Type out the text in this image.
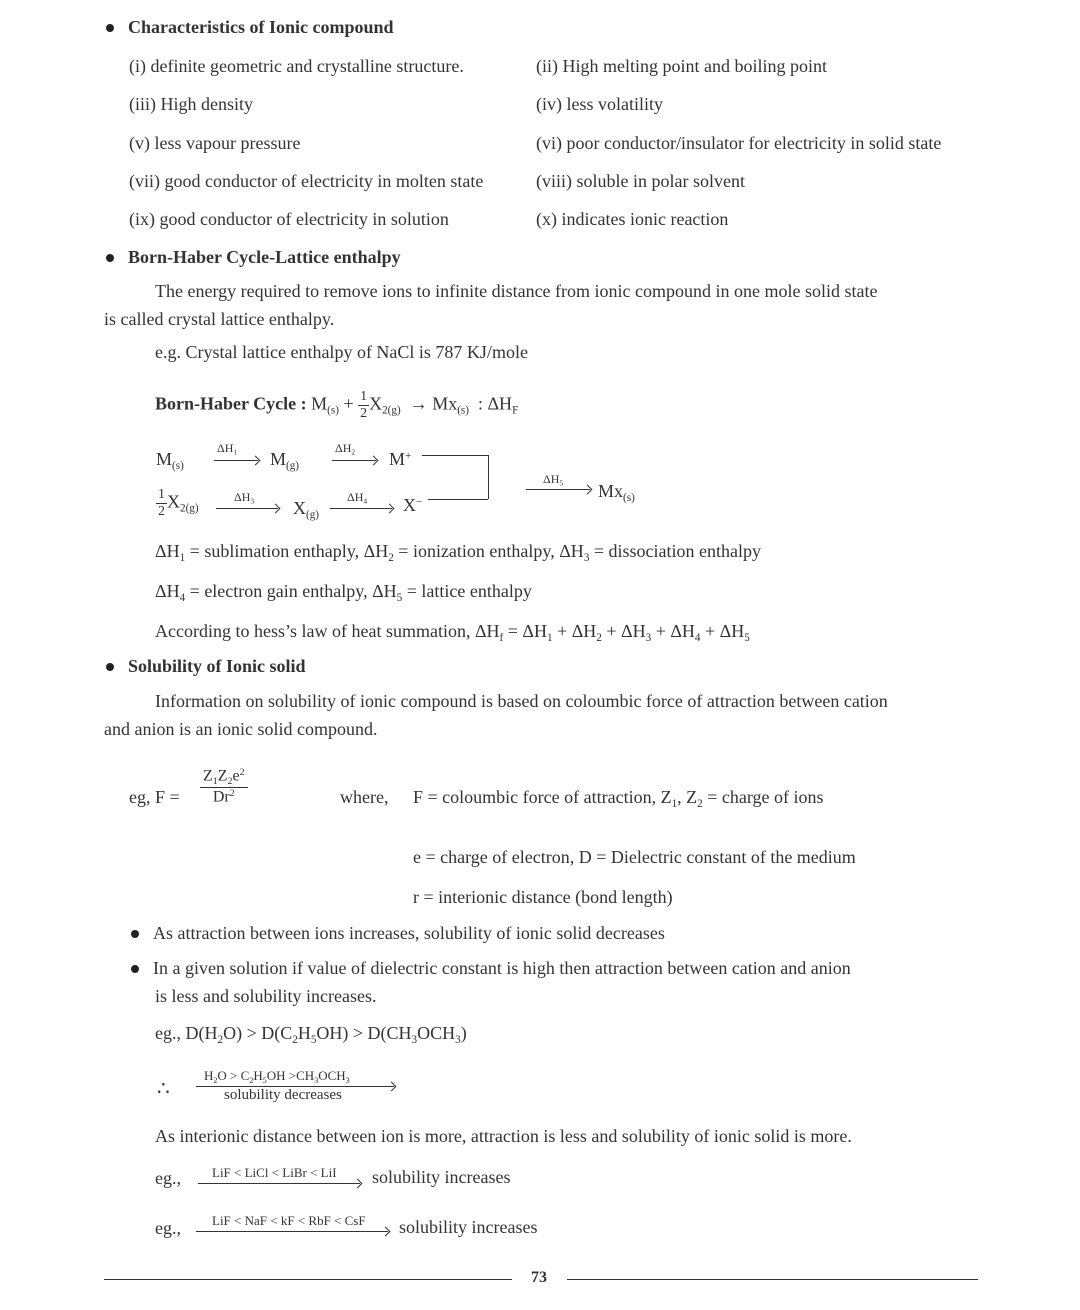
Characteristics of Ionic compound
(i) definite geometric and crystalline structure.	(ii) High melting point and boiling point
(iii) High density	(iv) less volatility
(v) less vapour pressure	(vi) poor conductor/insulator for electricity in solid state
(vii) good conductor of electricity in molten state	(viii) soluble in polar solvent
(ix) good conductor of electricity in solution	(x) indicates ionic reaction
Born-Haber Cycle-Lattice enthalpy
The energy required to remove ions to infinite distance from ionic compound in one mole solid state
is called crystal lattice enthalpy.
e.g. Crystal lattice enthalpy of NaCl is 787 KJ/mole
Born-Haber Cycle : $M_{(s)} + \frac{1}{2} X_{2(g)} \to Mx_{(s)}$  : $\Delta H_F$
$M_{(s)}$
$\Delta H_1$ $M_{(g)}$
$\Delta H_2$ M+
$\frac{1}{2} X_{2(g)}$
$\Delta H_3$ $X_{(g)}$
$\Delta H_4$ X−
$\Delta H_5$ $Mx_{(s)}$
$\Delta H_1$ = sublimation enthaply, $\Delta H_2$ = ionization enthalpy, $\Delta H_3$ = dissociation enthalpy
$\Delta H_4$ = electron gain enthalpy, $\Delta H_5$ = lattice enthalpy
According to hess’s law of heat summation, $\Delta H_f = \Delta H_1 + \Delta H_2 + \Delta H_3 + \Delta H_4 + \Delta H_5$
Solubility of Ionic solid
Information on solubility of ionic compound is based on coloumbic force of attraction between cation
and anion is an ionic solid compound.
eg, F =
$Z_1Z_2e^2$
Dr$^2$	where, F = coloumbic force of attraction, $Z_1$, $Z_2$ = charge of ions
e = charge of electron, D = Dielectric constant of the medium
r = interionic distance (bond length)
As attraction between ions increases, solubility of ionic solid decreases
In a given solution if value of dielectric constant is high then attraction between cation and anion
is less and solubility increases.
eg., $D(H_2O) > D(C_2H_5OH) > D(CH_3OCH_3)$
∴
$H_2O > C_2H_5OH >CH_3OCH_3$
solubility decreases
As interionic distance between ion is more, attraction is less and solubility of ionic solid is more.
eg., LiF < LiCl < LiBr < LiI solubility increases
eg., LiF < NaF < kF < RbF < CsF solubility increases
73
